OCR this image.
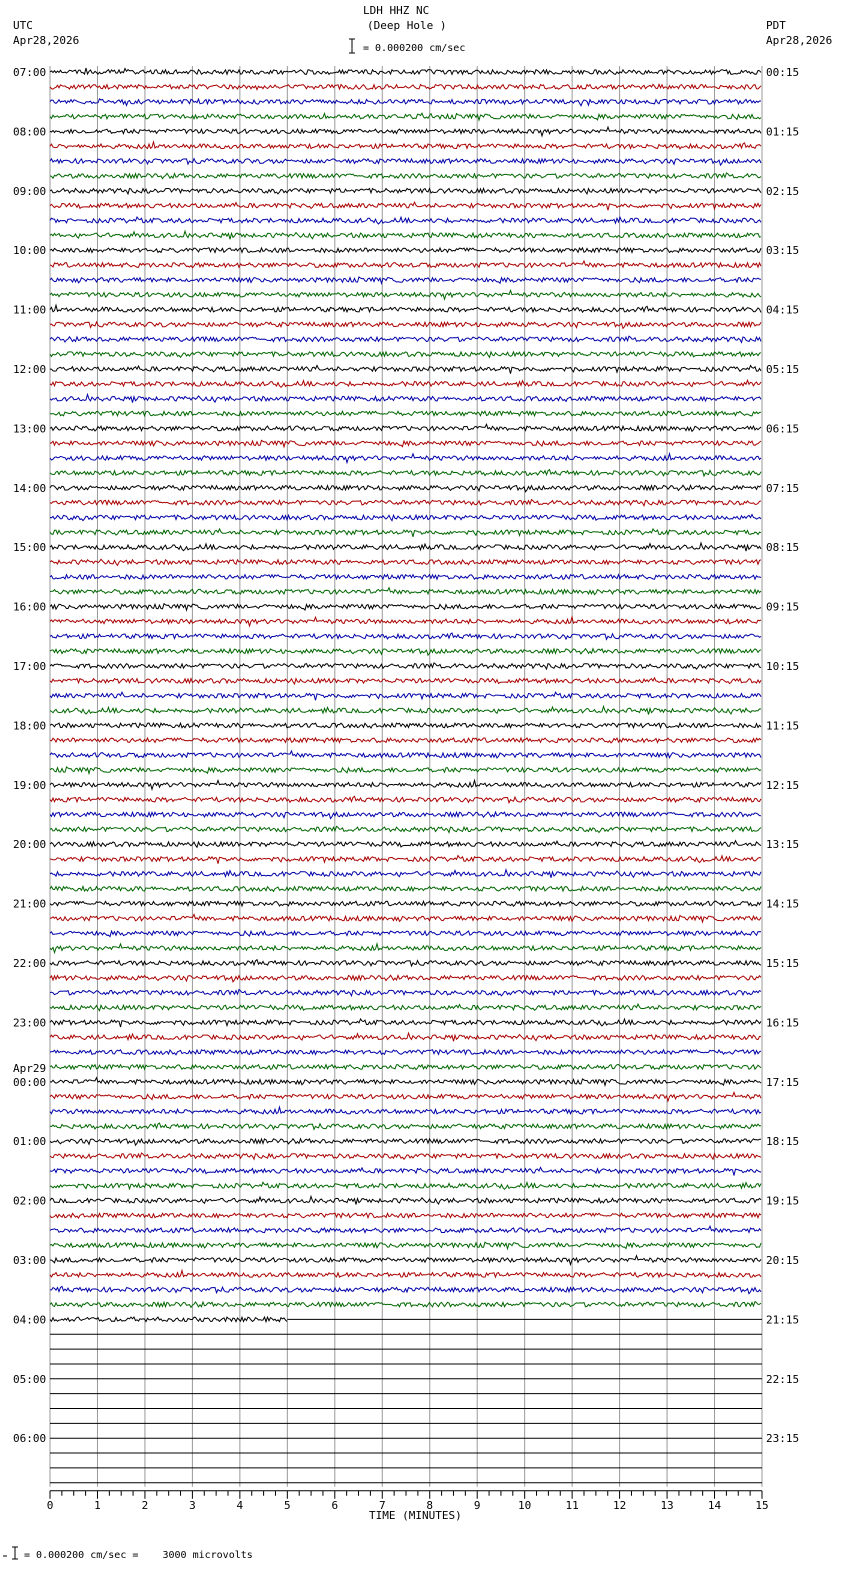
LDH HHZ NC
(Deep Hole )
= 0.000200 cm/sec
UTC
Apr28,2026
PDT
Apr28,2026
TIME (MINUTES)
= 0.000200 cm/sec =    3000 microvolts
07:00	00:15
08:00	01:15
09:00	02:15
10:00	03:15
11:00	04:15
12:00	05:15
13:00	06:15
14:00	07:15
15:00	08:15
16:00	09:15
17:00	10:15
18:00	11:15
19:00	12:15
20:00	13:15
21:00	14:15
22:00	15:15
23:00	16:15
00:00	17:15
01:00	18:15
02:00	19:15
03:00	20:15
04:00	21:15
05:00	22:15
06:00	23:15
Apr29
0	1	2	3	4	5	6	7	8	9	10	11	12	13	14	15
